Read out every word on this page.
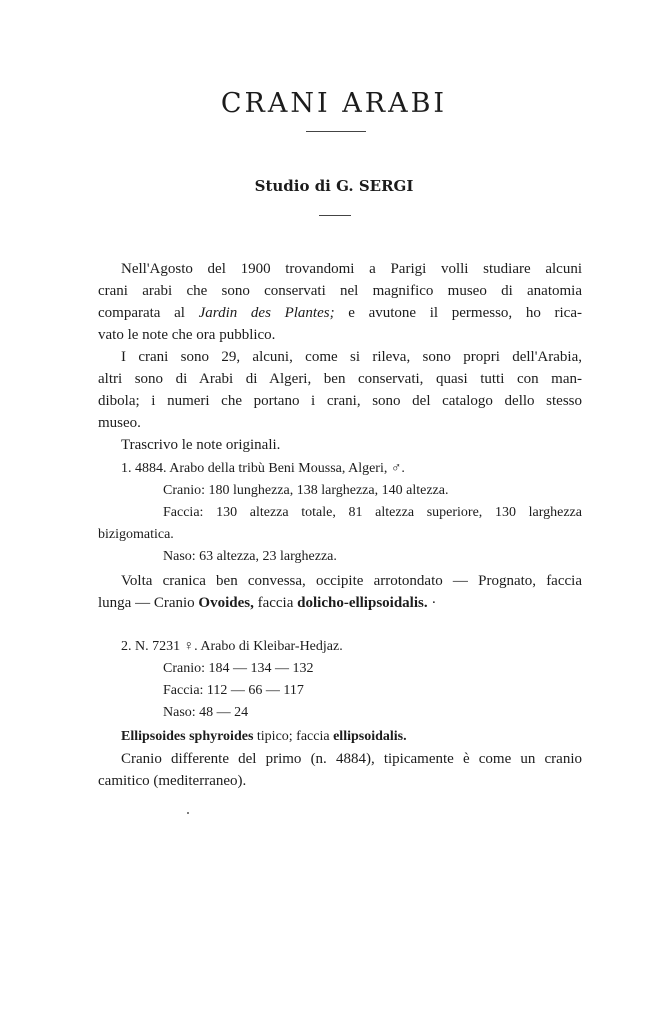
CRANI ARABI
Studio di G. SERGI
Nell'Agosto del 1900 trovandomi a Parigi volli studiare alcuni
crani arabi che sono conservati nel magnifico museo di anatomia
comparata al Jardin des Plantes; e avutone il permesso, ho rica-
vato le note che ora pubblico.
I crani sono 29, alcuni, come si rileva, sono propri dell'Arabia,
altri sono di Arabi di Algeri, ben conservati, quasi tutti con man-
dibola; i numeri che portano i crani, sono del catalogo dello stesso
museo.
Trascrivo le note originali.
1. 4884. Arabo della tribù Beni Moussa, Algeri, ♂.
Cranio: 180 lunghezza, 138 larghezza, 140 altezza.
Faccia: 130 altezza totale, 81 altezza superiore, 130 larghezza
bizigomatica.
Naso: 63 altezza, 23 larghezza.
Volta cranica ben convessa, occipite arrotondato — Prognato, faccia
lunga — Cranio Ovoides, faccia dolicho-ellipsoidalis. ·
2. N. 7231 ♀. Arabo di Kleibar-Hedjaz.
Cranio: 184 — 134 — 132
Faccia: 112 — 66 — 117
Naso: 48 — 24
Ellipsoides sphyroides tipico; faccia ellipsoidalis.
Cranio differente del primo (n. 4884), tipicamente è come un cranio
camitico (mediterraneo).
